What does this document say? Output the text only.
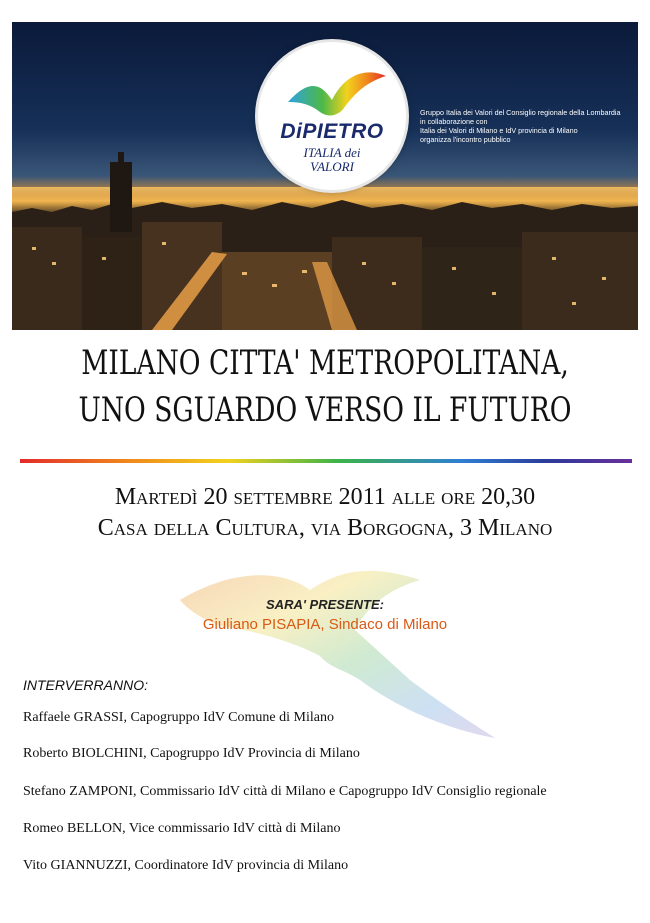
DiPIETRO
ITALIA dei
VALORI
Gruppo Italia dei Valori del Consiglio regionale della Lombardia
in collaborazione con
Italia dei Valori di Milano e IdV provincia di Milano
organizza l'incontro pubblico
MILANO CITTA' METROPOLITANA,
UNO SGUARDO VERSO IL FUTURO
Martedì 20 settembre 2011 alle ore 20,30
Casa della Cultura, via Borgogna, 3 Milano
SARA' PRESENTE:
Giuliano PISAPIA, Sindaco di Milano
INTERVERRANNO:
Raffaele GRASSI, Capogruppo IdV Comune di Milano
Roberto BIOLCHINI, Capogruppo IdV Provincia di Milano
Stefano ZAMPONI, Commissario IdV città di Milano e Capogruppo IdV Consiglio regionale
Romeo BELLON, Vice commissario IdV città di Milano
Vito GIANNUZZI, Coordinatore IdV provincia di Milano
